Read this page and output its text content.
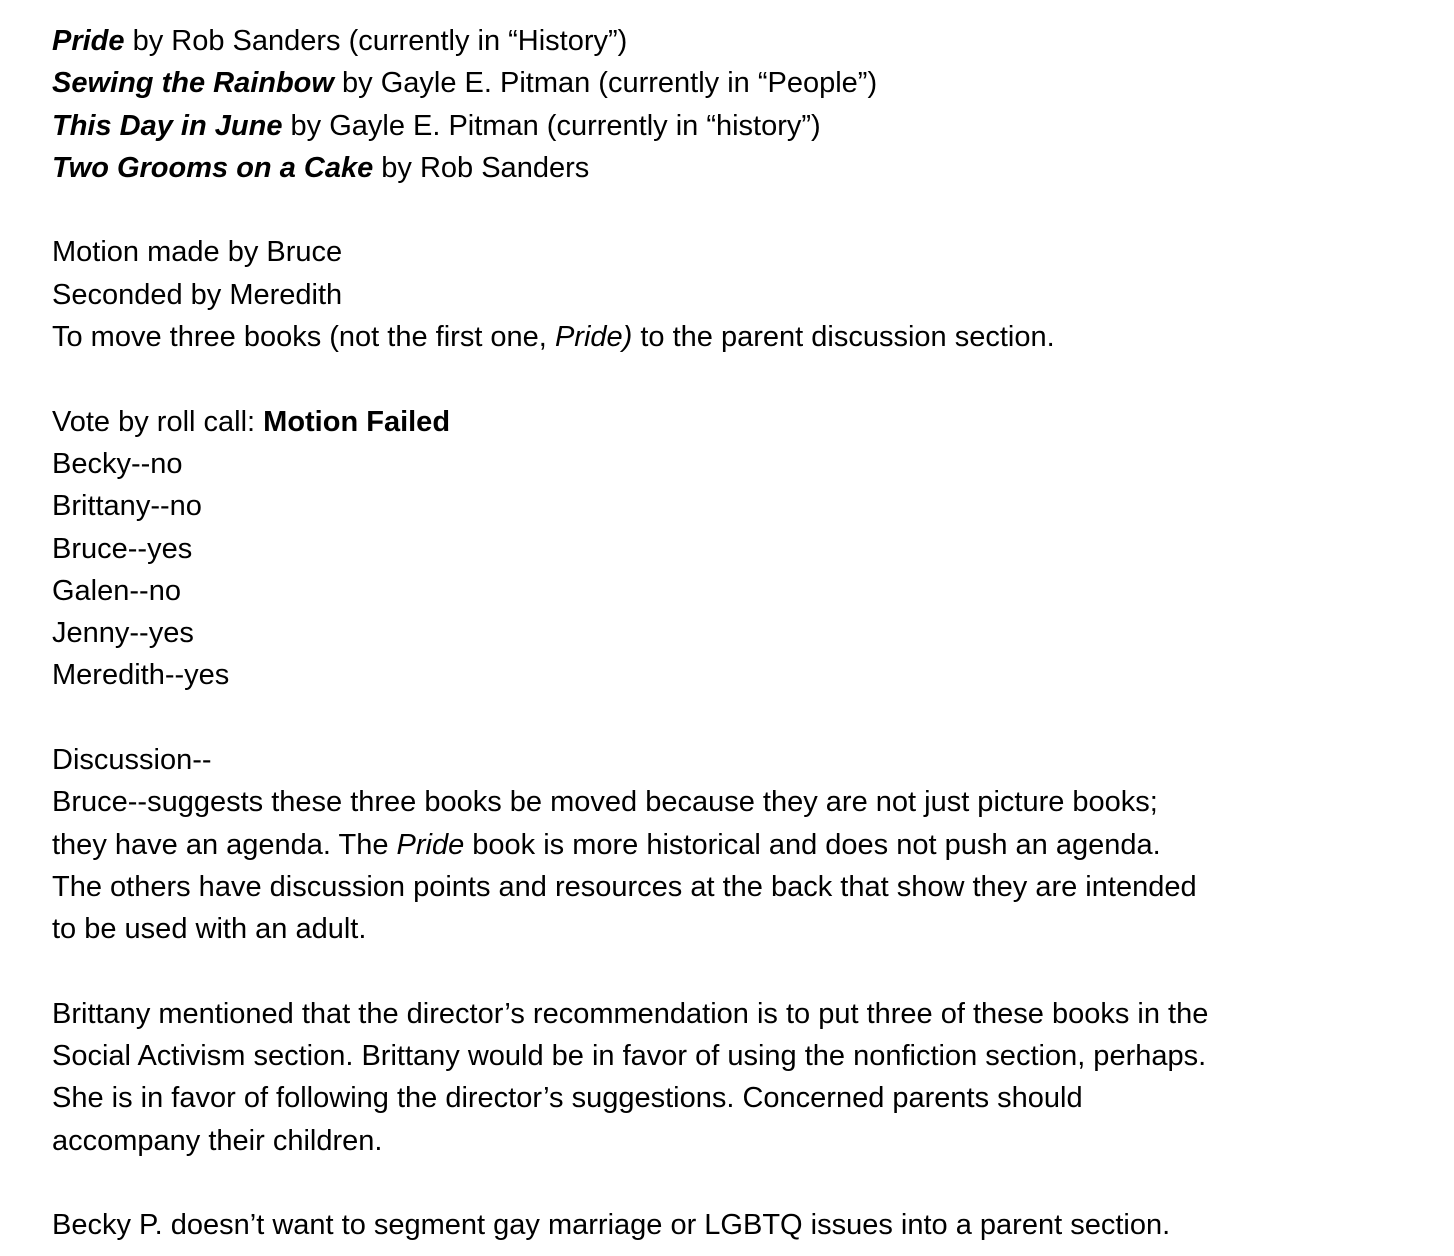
Pride by Rob Sanders (currently in “History”)

Sewing the Rainbow by Gayle E. Pitman (currently in “People”)

This Day in June by Gayle E. Pitman (currently in “history”)

Two Grooms on a Cake by Rob Sanders

Motion made by Bruce

Seconded by Meredith

To move three books (not the first one, Pride) to the parent discussion section.

Vote by roll call: Motion Failed

Becky--no

Brittany--no

Bruce--yes

Galen--no

Jenny--yes

Meredith--yes

Discussion--

Bruce--suggests these three books be moved because they are not just picture books;

they have an agenda. The Pride book is more historical and does not push an agenda.

The others have discussion points and resources at the back that show they are intended

to be used with an adult.

Brittany mentioned that the director’s recommendation is to put three of these books in the

Social Activism section. Brittany would be in favor of using the nonfiction section, perhaps.

She is in favor of following the director’s suggestions. Concerned parents should

accompany their children.

Becky P. doesn’t want to segment gay marriage or LGBTQ issues into a parent section.
